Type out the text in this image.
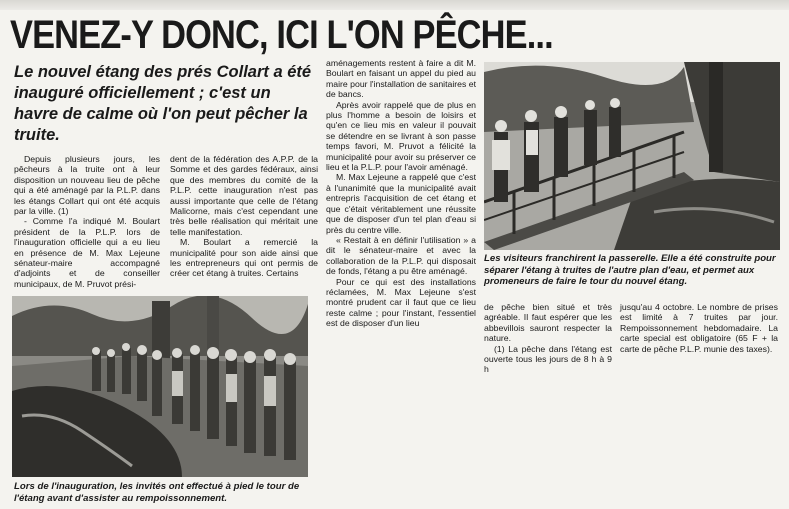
VENEZ-Y DONC, ICI L'ON PÊCHE...
Le nouvel étang des prés Collart a été inauguré officiellement ; c'est un havre de calme où l'on peut pêcher la truite.

Depuis plusieurs jours, les pêcheurs à la truite ont à leur disposition un nouveau lieu de pêche qui a été aménagé par la P.L.P. dans les étangs Collart qui ont été acquis par la ville. (1)

- Comme l'a indiqué M. Boulart président de la P.L.P. lors de l'inauguration officielle qui a eu lieu en présence de M. Max Lejeune sénateur-maire accompagné d'adjoints et de conseiller municipaux, de M. Pruvot prési-

dent de la fédération des A.P.P. de la Somme et des gardes fédéraux, ainsi que des membres du comité de la P.L.P. cette inauguration n'est pas aussi importante que celle de l'étang Malicorne, mais c'est cependant une très belle réalisation qui méritait une telle manifestation.

M. Boulart a remercié la municipalité pour son aide ainsi que les entrepreneurs qui ont permis de créer cet étang à truites. Certains

aménagements restent à faire a dit M. Boulart en faisant un appel du pied au maire pour l'installation de sanitaires et de bancs.

Après avoir rappelé que de plus en plus l'homme a besoin de loisirs et qu'en ce lieu mis en valeur il pouvait se détendre en se livrant à son passe temps favori, M. Pruvot a félicité la municipalité pour avoir su préserver ce lieu et la P.L.P. pour l'avoir aménagé.

M. Max Lejeune a rappelé que c'est à l'unanimité que la municipalité avait entrepris l'acquisition de cet étang et que c'était véritablement une réussite que de disposer d'un tel plan d'eau si près du centre ville.

« Restait à en définir l'utilisation » a dit le sénateur-maire et avec la collaboration de la P.L.P. qui disposait de fonds, l'étang a pu être aménagé.

Pour ce qui est des installations réclamées, M. Max Lejeune s'est montré prudent car il faut que ce lieu reste calme ; pour l'instant, l'essentiel est de disposer d'un lieu

de pêche bien situé et très agréable. Il faut espérer que les abbevillois sauront respecter la nature.

(1) La pêche dans l'étang est ouverte tous les jours de 8 h à 9 h

jusqu'au 4 octobre. Le nombre de prises est limité à 7 truites par jour. Rempoissonnement hebdomadaire. La carte special est obligatoire (65 F + la carte de pêche P.L.P. munie des taxes).

Lors de l'inauguration, les invités ont effectué à pied le tour de l'étang avant d'assister au rempoissonnement.
Les visiteurs franchirent la passerelle. Elle a été construite pour séparer l'étang à truites de l'autre plan d'eau, et permet aux promeneurs de faire le tour du nouvel étang.
